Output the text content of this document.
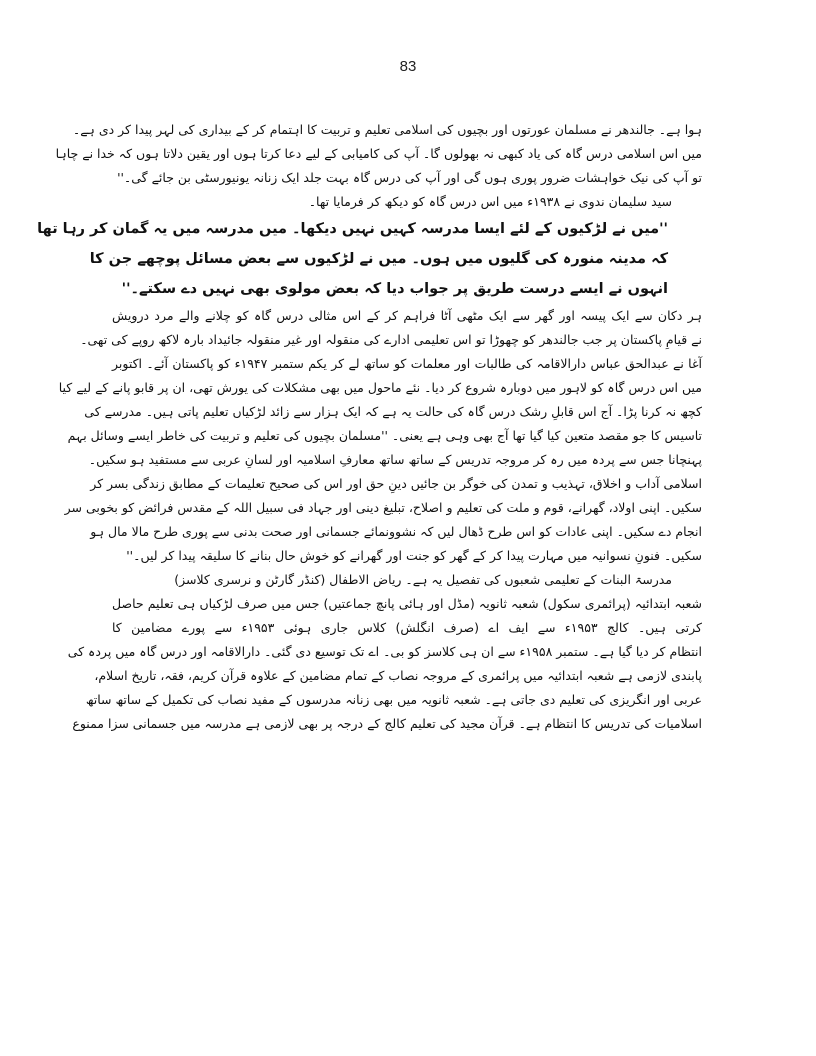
83
ہوا ہے۔ جالندھر نے مسلمان عورتوں اور بچیوں کی اسلامی تعلیم و تربیت کا اہتمام کر کے بیداری کی لہر پیدا کر دی ہے۔
میں اس اسلامی درس گاہ کی یاد کبھی نہ بھولوں گا۔ آپ کی کامیابی کے لیے دعا کرتا ہوں اور یقین دلاتا ہوں کہ خدا نے چاہا
تو آپ کی نیک خواہشات ضرور پوری ہوں گی اور آپ کی درس گاہ بہت جلد ایک زنانہ یونیورسٹی بن جائے گی۔''
سید سلیمان ندوی نے ۱۹۳۸ء میں اس درس گاہ کو دیکھ کر فرمایا تھا۔
''میں نے لڑکیوں کے لئے ایسا مدرسہ کہیں نہیں دیکھا۔ میں مدرسہ میں یہ گمان کر رہا تھا
کہ مدینہ منورہ کی گلیوں میں ہوں۔ میں نے لڑکیوں سے بعض مسائل پوچھے جن کا
انہوں نے ایسے درست طریق پر جواب دیا کہ بعض مولوی بھی نہیں دے سکتے۔''
ہر دکان سے ایک پیسہ اور گھر سے ایک مٹھی آٹا فراہم کر کے اس مثالی درس گاہ کو چلانے والے مرد درویش
نے قیامِ پاکستان پر جب جالندھر کو چھوڑا تو اس تعلیمی ادارے کی منقولہ اور غیر منقولہ جائیداد بارہ لاکھ روپے کی تھی۔
آغا نے عبدالحق عباس دارالاقامہ کی طالبات اور معلمات کو ساتھ لے کر یکم ستمبر ۱۹۴۷ء کو پاکستان آئے۔ اکتوبر
میں اس درس گاہ کو لاہور میں دوبارہ شروع کر دیا۔ نئے ماحول میں بھی مشکلات کی یورش تھی، ان پر قابو پانے کے لیے کیا
کچھ نہ کرنا پڑا۔ آج اس قابلِ رشک درس گاہ کی حالت یہ ہے کہ ایک ہزار سے زائد لڑکیاں تعلیم پاتی ہیں۔ مدرسے کی
تاسیس کا جو مقصد متعین کیا گیا تھا آج بھی وہی ہے یعنی۔ ''مسلمان بچیوں کی تعلیم و تربیت کی خاطر ایسے وسائل بہم
پہنچانا جس سے پردہ میں رہ کر مروجہ تدریس کے ساتھ ساتھ معارفِ اسلامیہ اور لسانِ عربی سے مستفید ہو سکیں۔
اسلامی آداب و اخلاق، تہذیب و تمدن کی خوگر بن جائیں دینِ حق اور اس کی صحیح تعلیمات کے مطابق زندگی بسر کر
سکیں۔ اپنی اولاد، گھرانے، قوم و ملت کی تعلیم و اصلاح، تبلیغ دینی اور جہاد فی سبیل اللہ کے مقدس فرائض کو بخوبی سر
انجام دے سکیں۔ اپنی عادات کو اس طرح ڈھال لیں کہ نشوونمائے جسمانی اور صحت بدنی سے پوری طرح مالا مال ہو
سکیں۔ فنونِ نسوانیہ میں مہارت پیدا کر کے گھر کو جنت اور گھرانے کو خوش حال بنانے کا سلیقہ پیدا کر لیں۔''
مدرسۃ البنات کے تعلیمی شعبوں کی تفصیل یہ ہے۔ ریاض الاطفال (کنڈر گارٹن و نرسری کلاسز)
شعبہ ابتدائیہ (پرائمری سکول) شعبہ ثانویہ (مڈل اور ہائی پانچ جماعتیں) جس میں صرف لڑکیاں ہی تعلیم حاصل
کرتی ہیں۔ کالج ۱۹۵۳ء سے ایف اے (صرف انگلش) کلاس جاری ہوئی ۱۹۵۳ء سے پورے مضامین کا
انتظام کر دیا گیا ہے۔ ستمبر ۱۹۵۸ء سے ان ہی کلاسز کو بی۔ اے تک توسیع دی گئی۔ دارالاقامہ اور درس گاہ میں پردہ کی
پابندی لازمی ہے شعبہ ابتدائیہ میں پرائمری کے مروجہ نصاب کے تمام مضامین کے علاوہ قرآن کریم، فقہ، تاریخ اسلام،
عربی اور انگریزی کی تعلیم دی جاتی ہے۔ شعبہ ثانویہ میں بھی زنانہ مدرسوں کے مفید نصاب کی تکمیل کے ساتھ ساتھ
اسلامیات کی تدریس کا انتظام ہے۔ قرآن مجید کی تعلیم کالج کے درجہ پر بھی لازمی ہے مدرسہ میں جسمانی سزا ممنوع
